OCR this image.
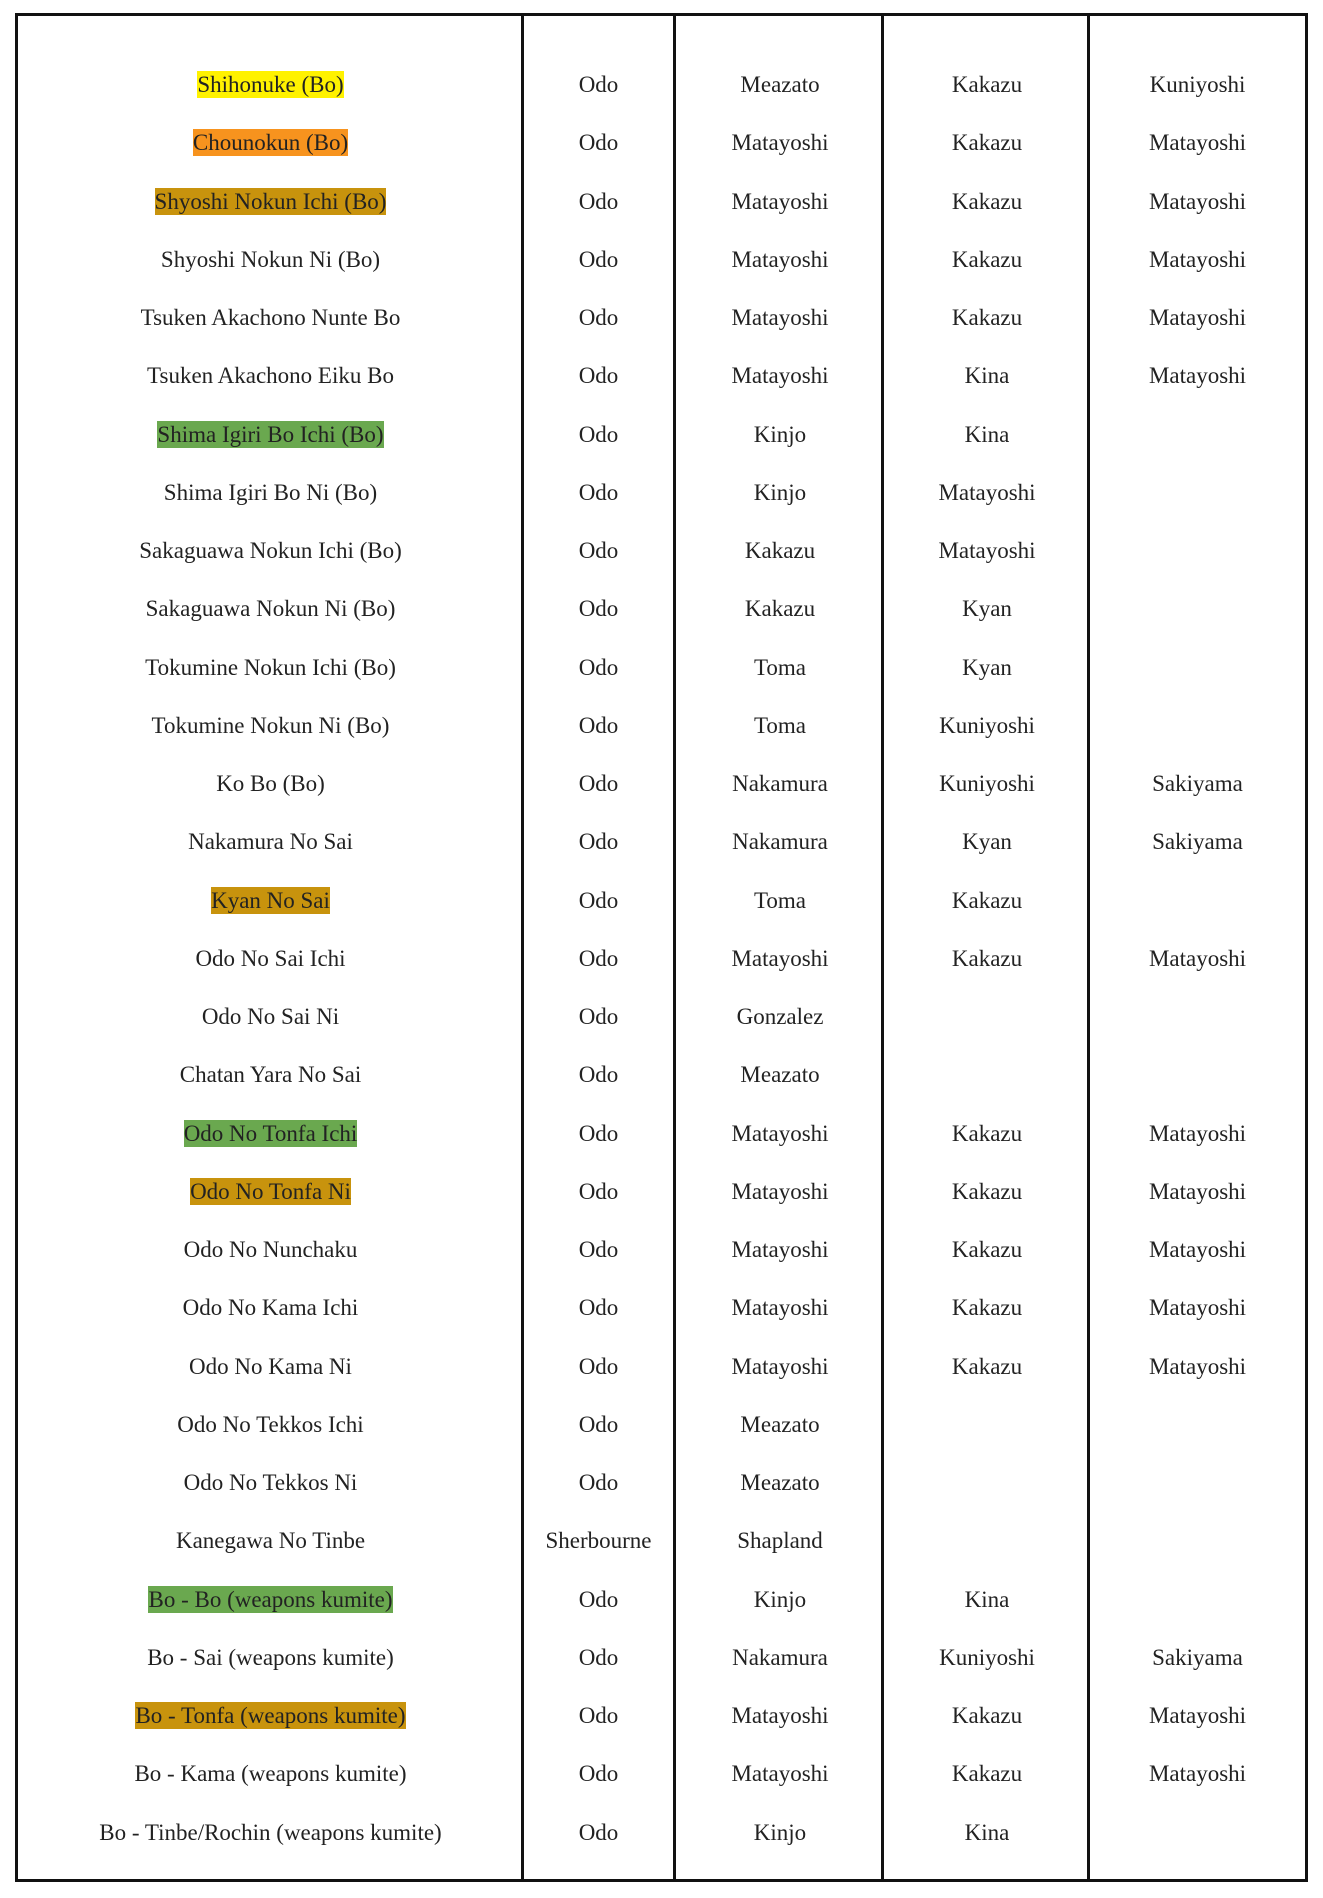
Shihonuke (Bo)	Odo	Meazato	Kakazu	Kuniyoshi
Chounokun (Bo)	Odo	Matayoshi	Kakazu	Matayoshi
Shyoshi Nokun Ichi (Bo)	Odo	Matayoshi	Kakazu	Matayoshi
Shyoshi Nokun Ni (Bo)	Odo	Matayoshi	Kakazu	Matayoshi
Tsuken Akachono Nunte Bo	Odo	Matayoshi	Kakazu	Matayoshi
Tsuken Akachono Eiku Bo	Odo	Matayoshi	Kina	Matayoshi
Shima Igiri Bo Ichi (Bo)	Odo	Kinjo	Kina	
Shima Igiri Bo Ni (Bo)	Odo	Kinjo	Matayoshi	
Sakaguawa Nokun Ichi (Bo)	Odo	Kakazu	Matayoshi	
Sakaguawa Nokun Ni (Bo)	Odo	Kakazu	Kyan	
Tokumine Nokun Ichi (Bo)	Odo	Toma	Kyan	
Tokumine Nokun Ni (Bo)	Odo	Toma	Kuniyoshi	
Ko Bo (Bo)	Odo	Nakamura	Kuniyoshi	Sakiyama
Nakamura No Sai	Odo	Nakamura	Kyan	Sakiyama
Kyan No Sai	Odo	Toma	Kakazu	
Odo No Sai Ichi	Odo	Matayoshi	Kakazu	Matayoshi
Odo No Sai Ni	Odo	Gonzalez		
Chatan Yara No Sai	Odo	Meazato		
Odo No Tonfa Ichi	Odo	Matayoshi	Kakazu	Matayoshi
Odo No Tonfa Ni	Odo	Matayoshi	Kakazu	Matayoshi
Odo No Nunchaku	Odo	Matayoshi	Kakazu	Matayoshi
Odo No Kama Ichi	Odo	Matayoshi	Kakazu	Matayoshi
Odo No Kama Ni	Odo	Matayoshi	Kakazu	Matayoshi
Odo No Tekkos Ichi	Odo	Meazato		
Odo No Tekkos Ni	Odo	Meazato		
Kanegawa No Tinbe	Sherbourne	Shapland		
Bo - Bo (weapons kumite)	Odo	Kinjo	Kina	
Bo - Sai (weapons kumite)	Odo	Nakamura	Kuniyoshi	Sakiyama
Bo - Tonfa (weapons kumite)	Odo	Matayoshi	Kakazu	Matayoshi
Bo - Kama (weapons kumite)	Odo	Matayoshi	Kakazu	Matayoshi
Bo - Tinbe/Rochin (weapons kumite)	Odo	Kinjo	Kina	
